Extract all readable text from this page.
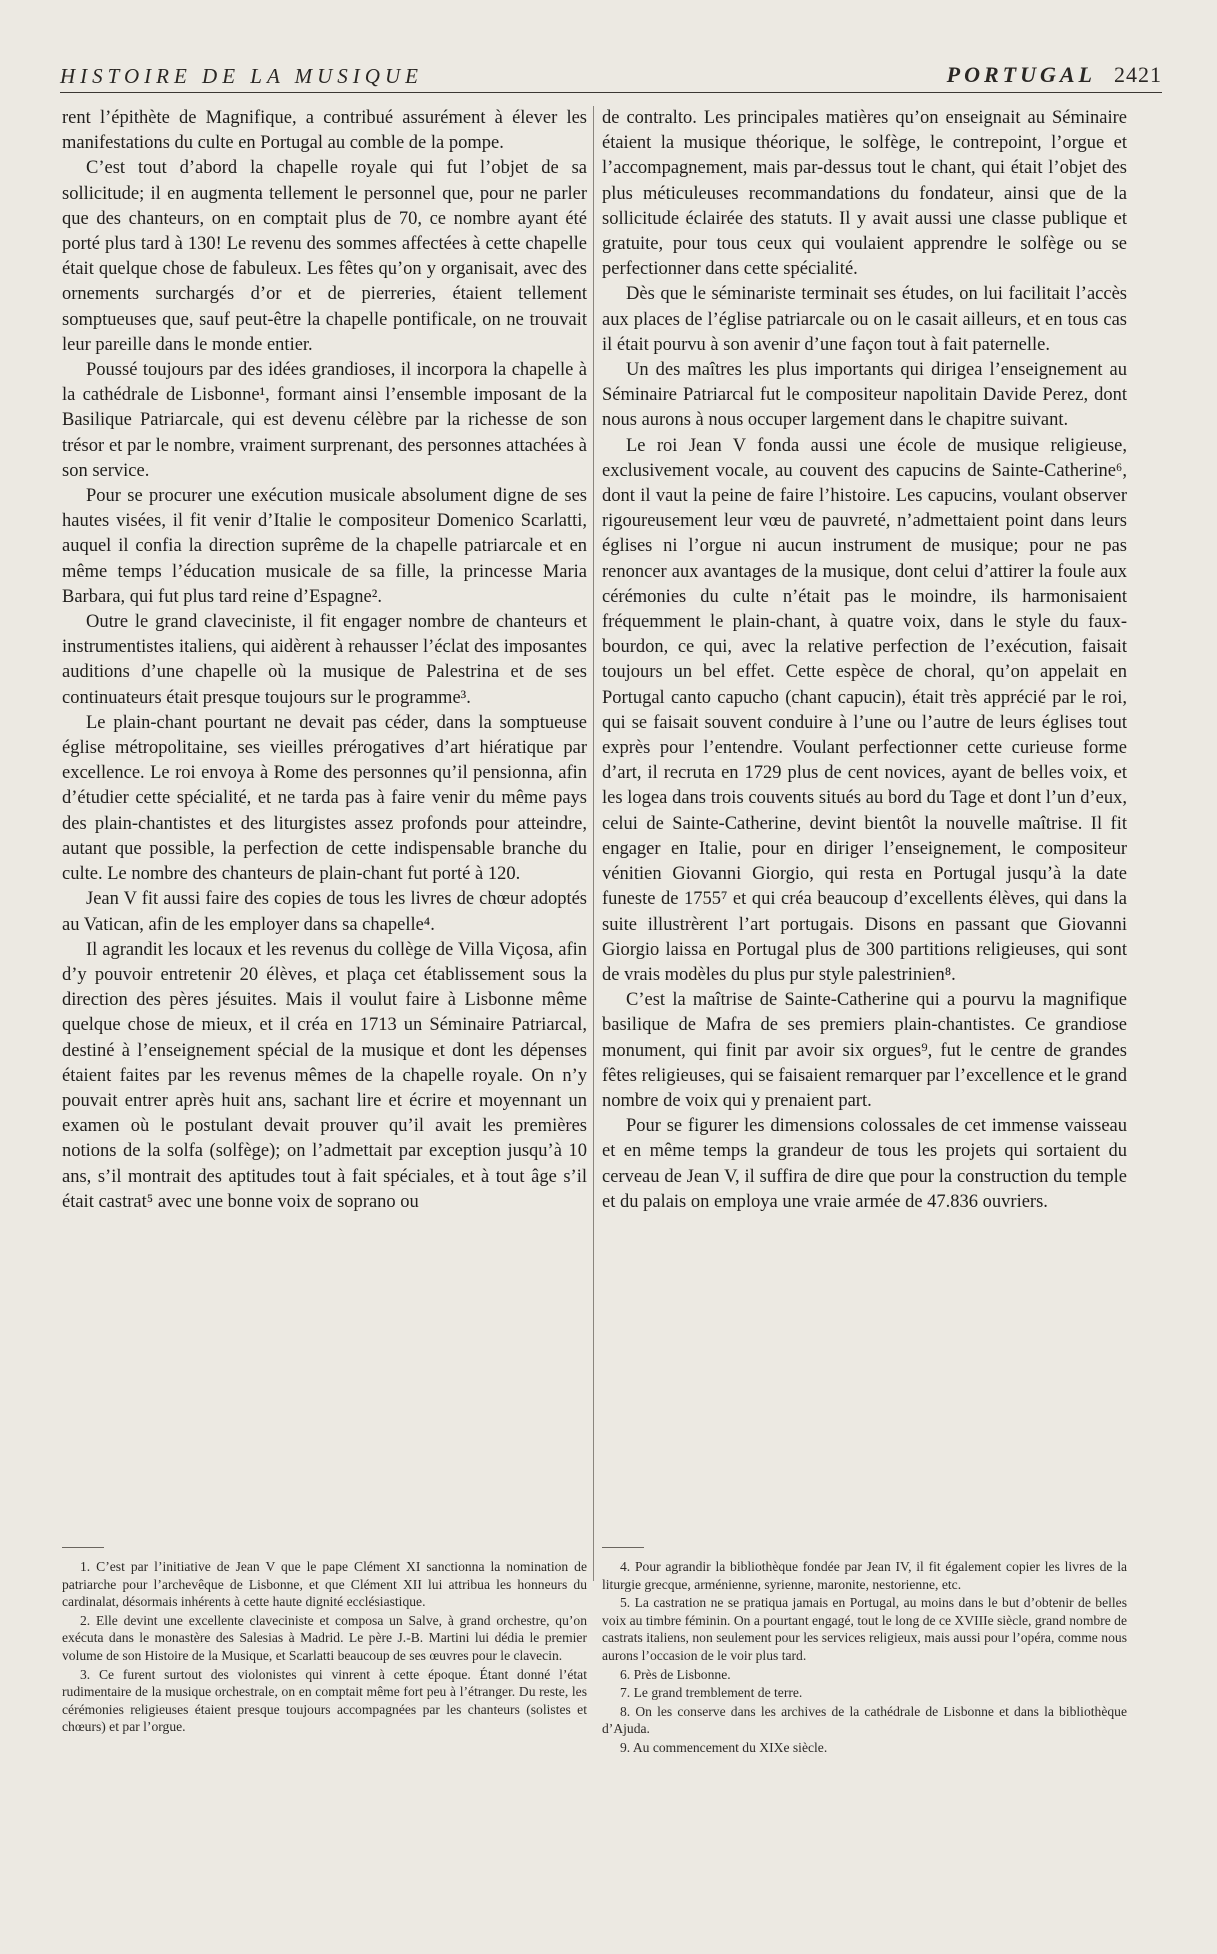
HISTOIRE DE LA MUSIQUE	PORTUGAL 2421

rent l’épithète de Magnifique, a contribué assurément à élever les manifestations du culte en Portugal au comble de la pompe.

C’est tout d’abord la chapelle royale qui fut l’objet de sa sollicitude; il en augmenta tellement le personnel que, pour ne parler que des chanteurs, on en comptait plus de 70, ce nombre ayant été porté plus tard à 130! Le revenu des sommes affectées à cette chapelle était quelque chose de fabuleux. Les fêtes qu’on y organisait, avec des ornements surchargés d’or et de pierreries, étaient tellement somptueuses que, sauf peut-être la chapelle pontificale, on ne trouvait leur pareille dans le monde entier.

Poussé toujours par des idées grandioses, il incorpora la chapelle à la cathédrale de Lisbonne¹, formant ainsi l’ensemble imposant de la Basilique Patriarcale, qui est devenu célèbre par la richesse de son trésor et par le nombre, vraiment surprenant, des personnes attachées à son service.

Pour se procurer une exécution musicale absolument digne de ses hautes visées, il fit venir d’Italie le compositeur Domenico Scarlatti, auquel il confia la direction suprême de la chapelle patriarcale et en même temps l’éducation musicale de sa fille, la princesse Maria Barbara, qui fut plus tard reine d’Espagne².

Outre le grand claveciniste, il fit engager nombre de chanteurs et instrumentistes italiens, qui aidèrent à rehausser l’éclat des imposantes auditions d’une chapelle où la musique de Palestrina et de ses continuateurs était presque toujours sur le programme³.

Le plain-chant pourtant ne devait pas céder, dans la somptueuse église métropolitaine, ses vieilles prérogatives d’art hiératique par excellence. Le roi envoya à Rome des personnes qu’il pensionna, afin d’étudier cette spécialité, et ne tarda pas à faire venir du même pays des plain-chantistes et des liturgistes assez profonds pour atteindre, autant que possible, la perfection de cette indispensable branche du culte. Le nombre des chanteurs de plain-chant fut porté à 120.

Jean V fit aussi faire des copies de tous les livres de chœur adoptés au Vatican, afin de les employer dans sa chapelle⁴.

Il agrandit les locaux et les revenus du collège de Villa Viçosa, afin d’y pouvoir entretenir 20 élèves, et plaça cet établissement sous la direction des pères jésuites. Mais il voulut faire à Lisbonne même quelque chose de mieux, et il créa en 1713 un Séminaire Patriarcal, destiné à l’enseignement spécial de la musique et dont les dépenses étaient faites par les revenus mêmes de la chapelle royale. On n’y pouvait entrer après huit ans, sachant lire et écrire et moyennant un examen où le postulant devait prouver qu’il avait les premières notions de la solfa (solfège); on l’admettait par exception jusqu’à 10 ans, s’il montrait des aptitudes tout à fait spéciales, et à tout âge s’il était castrat⁵ avec une bonne voix de soprano ou

de contralto. Les principales matières qu’on enseignait au Séminaire étaient la musique théorique, le solfège, le contrepoint, l’orgue et l’accompagnement, mais par-dessus tout le chant, qui était l’objet des plus méticuleuses recommandations du fondateur, ainsi que de la sollicitude éclairée des statuts. Il y avait aussi une classe publique et gratuite, pour tous ceux qui voulaient apprendre le solfège ou se perfectionner dans cette spécialité.

Dès que le séminariste terminait ses études, on lui facilitait l’accès aux places de l’église patriarcale ou on le casait ailleurs, et en tous cas il était pourvu à son avenir d’une façon tout à fait paternelle.

Un des maîtres les plus importants qui dirigea l’enseignement au Séminaire Patriarcal fut le compositeur napolitain Davide Perez, dont nous aurons à nous occuper largement dans le chapitre suivant.

Le roi Jean V fonda aussi une école de musique religieuse, exclusivement vocale, au couvent des capucins de Sainte-Catherine⁶, dont il vaut la peine de faire l’histoire. Les capucins, voulant observer rigoureusement leur vœu de pauvreté, n’admettaient point dans leurs églises ni l’orgue ni aucun instrument de musique; pour ne pas renoncer aux avantages de la musique, dont celui d’attirer la foule aux cérémonies du culte n’était pas le moindre, ils harmonisaient fréquemment le plain-chant, à quatre voix, dans le style du faux-bourdon, ce qui, avec la relative perfection de l’exécution, faisait toujours un bel effet. Cette espèce de choral, qu’on appelait en Portugal canto capucho (chant capucin), était très apprécié par le roi, qui se faisait souvent conduire à l’une ou l’autre de leurs églises tout exprès pour l’entendre. Voulant perfectionner cette curieuse forme d’art, il recruta en 1729 plus de cent novices, ayant de belles voix, et les logea dans trois couvents situés au bord du Tage et dont l’un d’eux, celui de Sainte-Catherine, devint bientôt la nouvelle maîtrise. Il fit engager en Italie, pour en diriger l’enseignement, le compositeur vénitien Giovanni Giorgio, qui resta en Portugal jusqu’à la date funeste de 1755⁷ et qui créa beaucoup d’excellents élèves, qui dans la suite illustrèrent l’art portugais. Disons en passant que Giovanni Giorgio laissa en Portugal plus de 300 partitions religieuses, qui sont de vrais modèles du plus pur style palestrinien⁸.

C’est la maîtrise de Sainte-Catherine qui a pourvu la magnifique basilique de Mafra de ses premiers plain-chantistes. Ce grandiose monument, qui finit par avoir six orgues⁹, fut le centre de grandes fêtes religieuses, qui se faisaient remarquer par l’excellence et le grand nombre de voix qui y prenaient part.

Pour se figurer les dimensions colossales de cet immense vaisseau et en même temps la grandeur de tous les projets qui sortaient du cerveau de Jean V, il suffira de dire que pour la construction du temple et du palais on employa une vraie armée de 47.836 ouvriers.

1. C’est par l’initiative de Jean V que le pape Clément XI sanctionna la nomination de patriarche pour l’archevêque de Lisbonne, et que Clément XII lui attribua les honneurs du cardinalat, désormais inhérents à cette haute dignité ecclésiastique.

2. Elle devint une excellente claveciniste et composa un Salve, à grand orchestre, qu’on exécuta dans le monastère des Salesias à Madrid. Le père J.-B. Martini lui dédia le premier volume de son Histoire de la Musique, et Scarlatti beaucoup de ses œuvres pour le clavecin.

3. Ce furent surtout des violonistes qui vinrent à cette époque. Étant donné l’état rudimentaire de la musique orchestrale, on en comptait même fort peu à l’étranger. Du reste, les cérémonies religieuses étaient presque toujours accompagnées par les chanteurs (solistes et chœurs) et par l’orgue.

4. Pour agrandir la bibliothèque fondée par Jean IV, il fit également copier les livres de la liturgie grecque, arménienne, syrienne, maronite, nestorienne, etc.

5. La castration ne se pratiqua jamais en Portugal, au moins dans le but d’obtenir de belles voix au timbre féminin. On a pourtant engagé, tout le long de ce XVIIIe siècle, grand nombre de castrats italiens, non seulement pour les services religieux, mais aussi pour l’opéra, comme nous aurons l’occasion de le voir plus tard.

6. Près de Lisbonne.

7. Le grand tremblement de terre.

8. On les conserve dans les archives de la cathédrale de Lisbonne et dans la bibliothèque d’Ajuda.

9. Au commencement du XIXe siècle.
